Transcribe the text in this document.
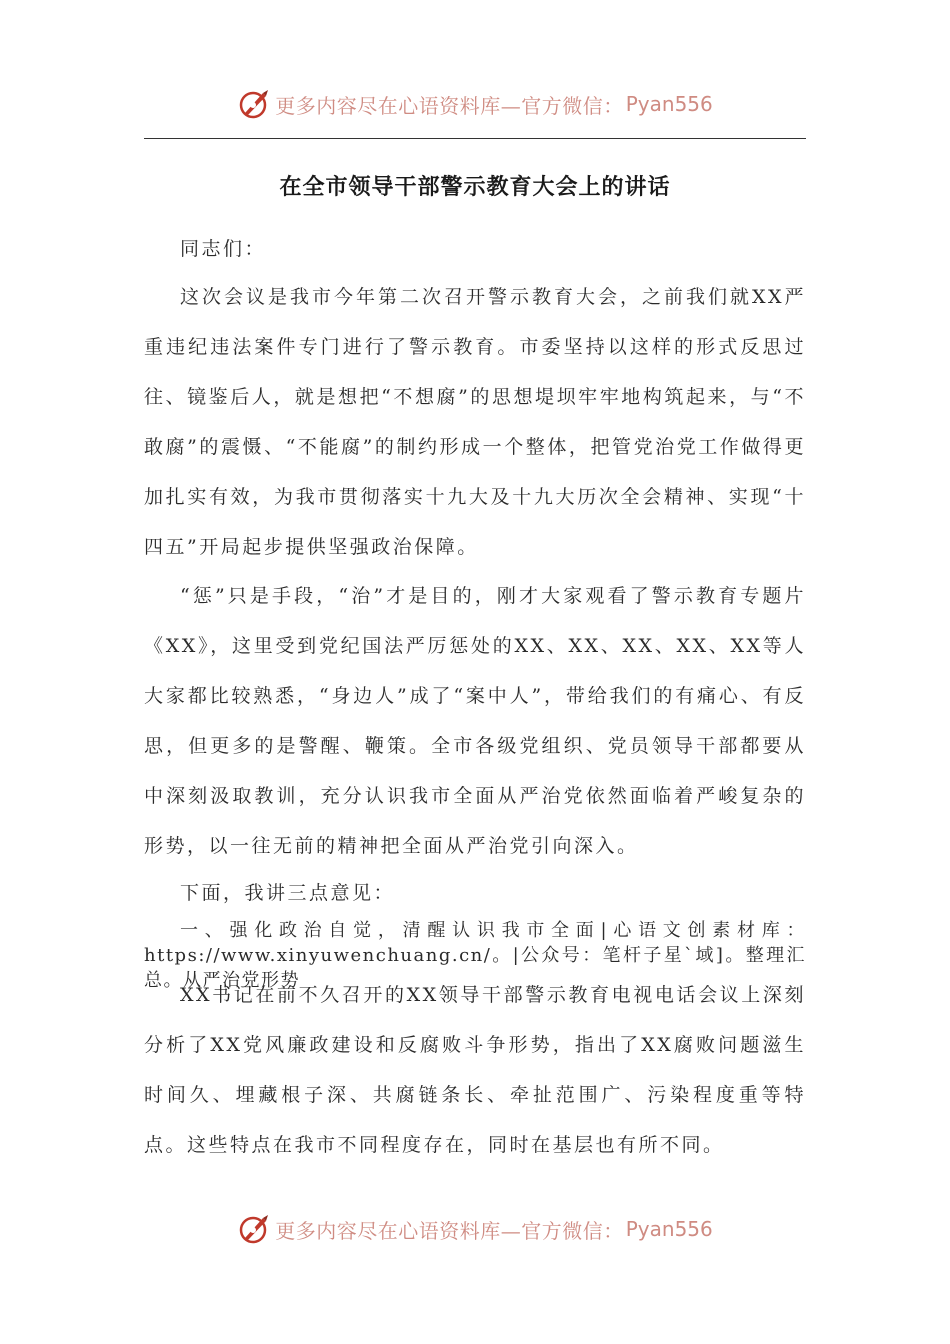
更多内容尽在心语资料库—官方微信： Pyan556
在全市领导干部警示教育大会上的讲话
同志们：
这次会议是我市今年第二次召开警示教育大会，之前我们就XX严重违纪违法案件专门进行了警示教育。市委坚持以这样的形式反思过往、镜鉴后人，就是想把“不想腐”的思想堤坝牢牢地构筑起来，与“不敢腐”的震慑、“不能腐”的制约形成一个整体，把管党治党工作做得更加扎实有效，为我市贯彻落实十九大及十九大历次全会精神、实现“十四五”开局起步提供坚强政治保障。
“惩”只是手段，“治”才是目的，刚才大家观看了警示教育专题片《XX》，这里受到党纪国法严厉惩处的XX、XX、XX、XX、XX等人大家都比较熟悉，“身边人”成了“案中人”，带给我们的有痛心、有反思，但更多的是警醒、鞭策。全市各级党组织、党员领导干部都要从中深刻汲取教训，充分认识我市全面从严治党依然面临着严峻复杂的形势，以一往无前的精神把全面从严治党引向深入。
下面，我讲三点意见：
一、强化政治自觉，清醒认识我市全面|心语文创素材库：https://www.xinyuwenchuang.cn/。|公众号：笔杆子星`域]。整理汇总。从严治党形势
XX书记在前不久召开的XX领导干部警示教育电视电话会议上深刻分析了XX党风廉政建设和反腐败斗争形势，指出了XX腐败问题滋生时间久、埋藏根子深、共腐链条长、牵扯范围广、污染程度重等特点。这些特点在我市不同程度存在，同时在基层也有所不同。
更多内容尽在心语资料库—官方微信： Pyan556
